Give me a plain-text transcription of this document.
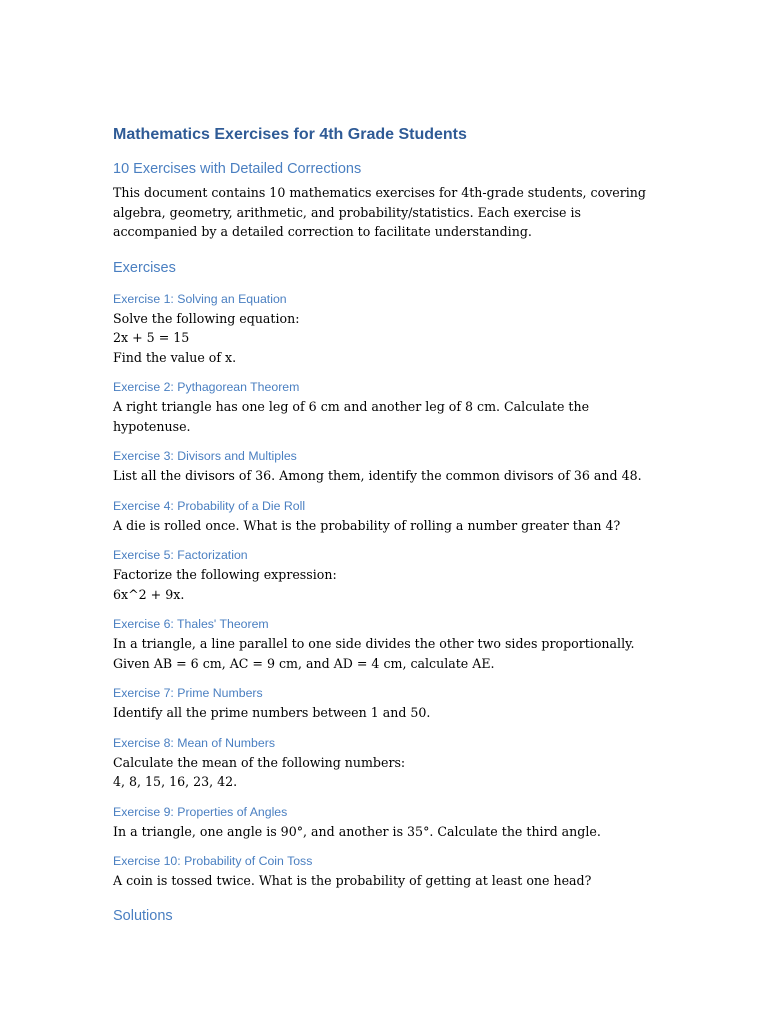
Mathematics Exercises for 4th Grade Students
10 Exercises with Detailed Corrections

This document contains 10 mathematics exercises for 4th-grade students, covering algebra, geometry, arithmetic, and probability/statistics. Each exercise is accompanied by a detailed correction to facilitate understanding.

Exercises
Exercise 1: Solving an Equation

Solve the following equation:

2x + 5 = 15

Find the value of x.

Exercise 2: Pythagorean Theorem

A right triangle has one leg of 6 cm and another leg of 8 cm. Calculate the hypotenuse.

Exercise 3: Divisors and Multiples

List all the divisors of 36. Among them, identify the common divisors of 36 and 48.

Exercise 4: Probability of a Die Roll

A die is rolled once. What is the probability of rolling a number greater than 4?

Exercise 5: Factorization

Factorize the following expression:

6x^2 + 9x.

Exercise 6: Thales' Theorem

In a triangle, a line parallel to one side divides the other two sides proportionally. Given AB = 6 cm, AC = 9 cm, and AD = 4 cm, calculate AE.

Exercise 7: Prime Numbers

Identify all the prime numbers between 1 and 50.

Exercise 8: Mean of Numbers

Calculate the mean of the following numbers:

4, 8, 15, 16, 23, 42.

Exercise 9: Properties of Angles

In a triangle, one angle is 90°, and another is 35°. Calculate the third angle.

Exercise 10: Probability of Coin Toss

A coin is tossed twice. What is the probability of getting at least one head?

Solutions
